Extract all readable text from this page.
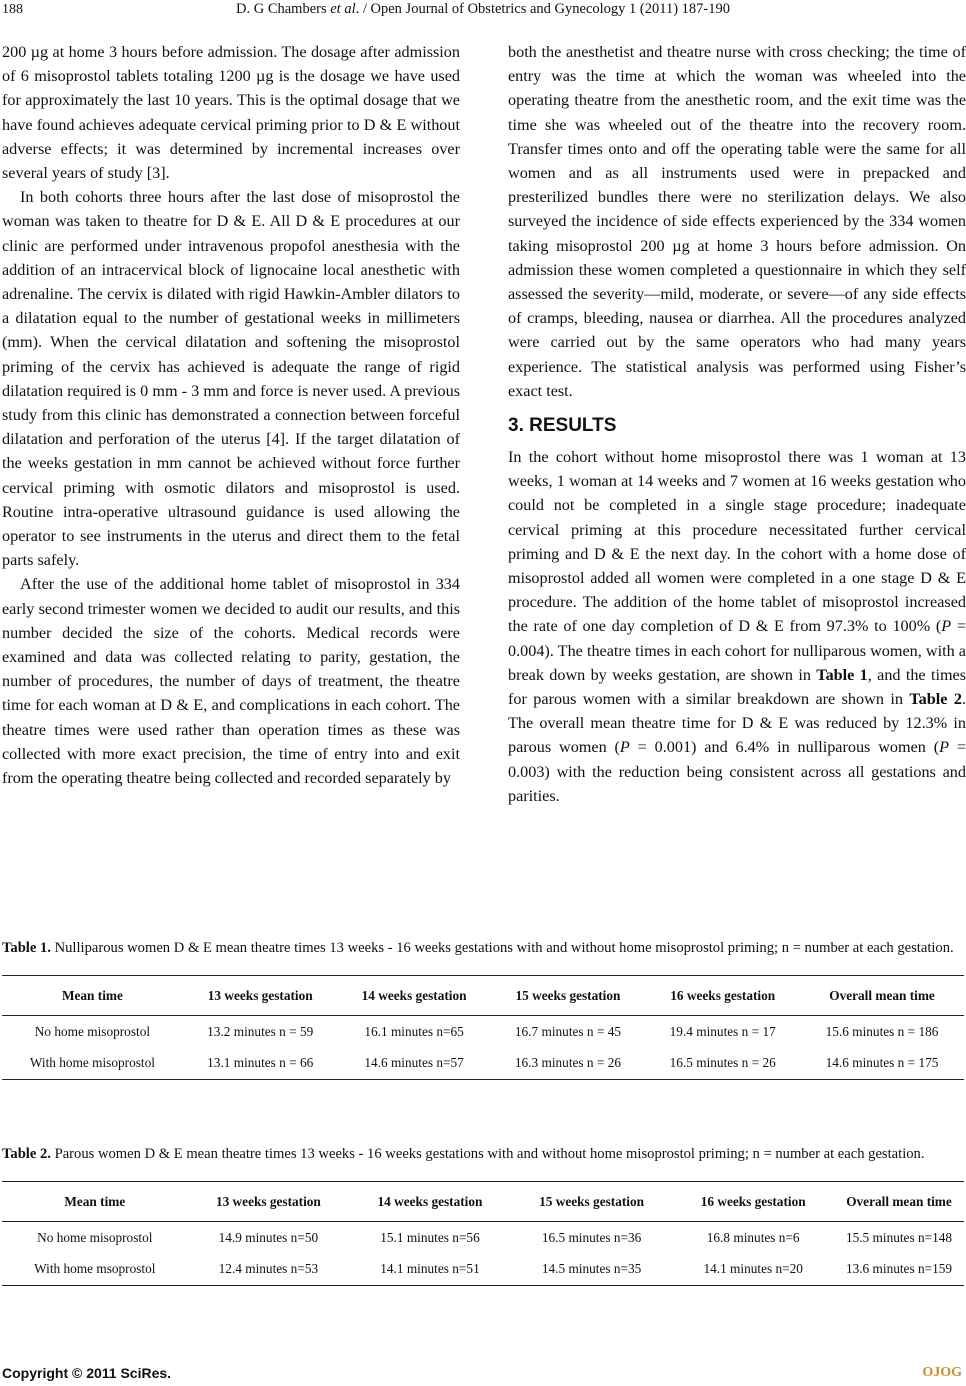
188	D. G Chambers et al. / Open Journal of Obstetrics and Gynecology 1 (2011) 187-190

200 µg at home 3 hours before admission. The dosage after admission of 6 misoprostol tablets totaling 1200 µg is the dosage we have used for approximately the last 10 years. This is the optimal dosage that we have found achieves adequate cervical priming prior to D & E without adverse effects; it was determined by incremental increases over several years of study [3].

In both cohorts three hours after the last dose of misoprostol the woman was taken to theatre for D & E. All D & E procedures at our clinic are performed under intravenous propofol anesthesia with the addition of an intracervical block of lignocaine local anesthetic with adrenaline. The cervix is dilated with rigid Hawkin-Ambler dilators to a dilatation equal to the number of gestational weeks in millimeters (mm). When the cervical dilatation and softening the misoprostol priming of the cervix has achieved is adequate the range of rigid dilatation required is 0 mm - 3 mm and force is never used. A previous study from this clinic has demonstrated a connection between forceful dilatation and perforation of the uterus [4]. If the target dilatation of the weeks gestation in mm cannot be achieved without force further cervical priming with osmotic dilators and misoprostol is used. Routine intra-operative ultrasound guidance is used allowing the operator to see instruments in the uterus and direct them to the fetal parts safely.

After the use of the additional home tablet of misoprostol in 334 early second trimester women we decided to audit our results, and this number decided the size of the cohorts. Medical records were examined and data was collected relating to parity, gestation, the number of procedures, the number of days of treatment, the theatre time for each woman at D & E, and complications in each cohort. The theatre times were used rather than operation times as these was collected with more exact precision, the time of entry into and exit from the operating theatre being collected and recorded separately by

both the anesthetist and theatre nurse with cross checking; the time of entry was the time at which the woman was wheeled into the operating theatre from the anesthetic room, and the exit time was the time she was wheeled out of the theatre into the recovery room. Transfer times onto and off the operating table were the same for all women and as all instruments used were in prepacked and presterilized bundles there were no sterilization delays. We also surveyed the incidence of side effects experienced by the 334 women taking misoprostol 200 µg at home 3 hours before admission. On admission these women completed a questionnaire in which they self assessed the severity—mild, moderate, or severe—of any side effects of cramps, bleeding, nausea or diarrhea. All the procedures analyzed were carried out by the same operators who had many years experience. The statistical analysis was performed using Fisher’s exact test.

3. RESULTS

In the cohort without home misoprostol there was 1 woman at 13 weeks, 1 woman at 14 weeks and 7 women at 16 weeks gestation who could not be completed in a single stage procedure; inadequate cervical priming at this procedure necessitated further cervical priming and D & E the next day. In the cohort with a home dose of misoprostol added all women were completed in a one stage D & E procedure. The addition of the home tablet of misoprostol increased the rate of one day completion of D & E from 97.3% to 100% (P = 0.004). The theatre times in each cohort for nulliparous women, with a break down by weeks gestation, are shown in Table 1, and the times for parous women with a similar breakdown are shown in Table 2. The overall mean theatre time for D & E was reduced by 12.3% in parous women (P = 0.001) and 6.4% in nulliparous women (P = 0.003) with the reduction being consistent across all gestations and parities.

Table 1. Nulliparous women D & E mean theatre times 13 weeks - 16 weeks gestations with and without home misoprostol priming; n = number at each gestation.
Mean time	13 weeks gestation	14 weeks gestation	15 weeks gestation	16 weeks gestation	Overall mean time
No home misoprostol	13.2 minutes n = 59	16.1 minutes n=65	16.7 minutes n = 45	19.4 minutes n = 17	15.6 minutes n = 186
With home misoprostol	13.1 minutes n = 66	14.6 minutes n=57	16.3 minutes n = 26	16.5 minutes n = 26	14.6 minutes n = 175
Table 2. Parous women D & E mean theatre times 13 weeks - 16 weeks gestations with and without home misoprostol priming; n = number at each gestation.
Mean time	13 weeks gestation	14 weeks gestation	15 weeks gestation	16 weeks gestation	Overall mean time
No home misoprostol	14.9 minutes n=50	15.1 minutes n=56	16.5 minutes n=36	16.8 minutes n=6	15.5 minutes n=148
With home msoprostol	12.4 minutes n=53	14.1 minutes n=51	14.5 minutes n=35	14.1 minutes n=20	13.6 minutes n=159
Copyright © 2011 SciRes.	OJOG
